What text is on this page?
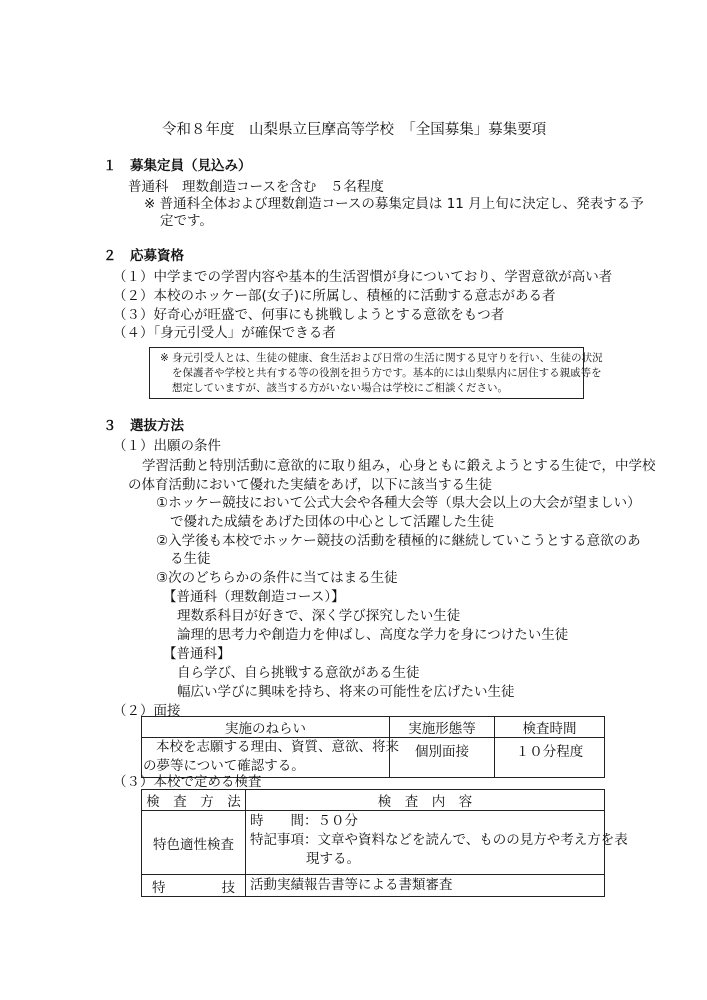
令和８年度　山梨県立巨摩高等学校　「全国募集」募集要項
１　募集定員（見込み）
普通科　理数創造コースを含む　５名程度
※ 普通科全体および理数創造コースの募集定員は 11 月上旬に決定し、発表する予
定です。
２　応募資格
（１）中学までの学習内容や基本的生活習慣が身についており、学習意欲が高い者
（２）本校のホッケー部(女子)に所属し、積極的に活動する意志がある者
（３）好奇心が旺盛で、何事にも挑戦しようとする意欲をもつ者
（４）「身元引受人」が確保できる者
※ 身元引受人とは、生徒の健康、食生活および日常の生活に関する見守りを行い、生徒の状況
を保護者や学校と共有する等の役割を担う方です。基本的には山梨県内に居住する親戚等を
想定していますが、該当する方がいない場合は学校にご相談ください。
３　選抜方法
（１）出願の条件
学習活動と特別活動に意欲的に取り組み，心身ともに鍛えようとする生徒で，中学校
の体育活動において優れた実績をあげ，以下に該当する生徒
①ホッケー競技において公式大会や各種大会等（県大会以上の大会が望ましい）
で優れた成績をあげた団体の中心として活躍した生徒
②入学後も本校でホッケー競技の活動を積極的に継続していこうとする意欲のあ
る生徒
③次のどちらかの条件に当てはまる生徒
【普通科（理数創造コース）】
理数系科目が好きで、深く学び探究したい生徒
論理的思考力や創造力を伸ばし、高度な学力を身につけたい生徒
【普通科】
自ら学び、自ら挑戦する意欲がある生徒
幅広い学びに興味を持ち、将来の可能性を広げたい生徒
（２）面接
実施のねらい	実施形態等	検査時間

本校を志願する理由、資質、意欲、将来
の夢等について確認する。	個別面接	１０分程度
（３）本校で定める検査
検　査　方　法	検　査　内　容
特色適性検査	時　　間：５０分
特記事項：文章や資料などを読んで、ものの見方や考え方を表
現する。

特 技	活動実績報告書等による書類審査
